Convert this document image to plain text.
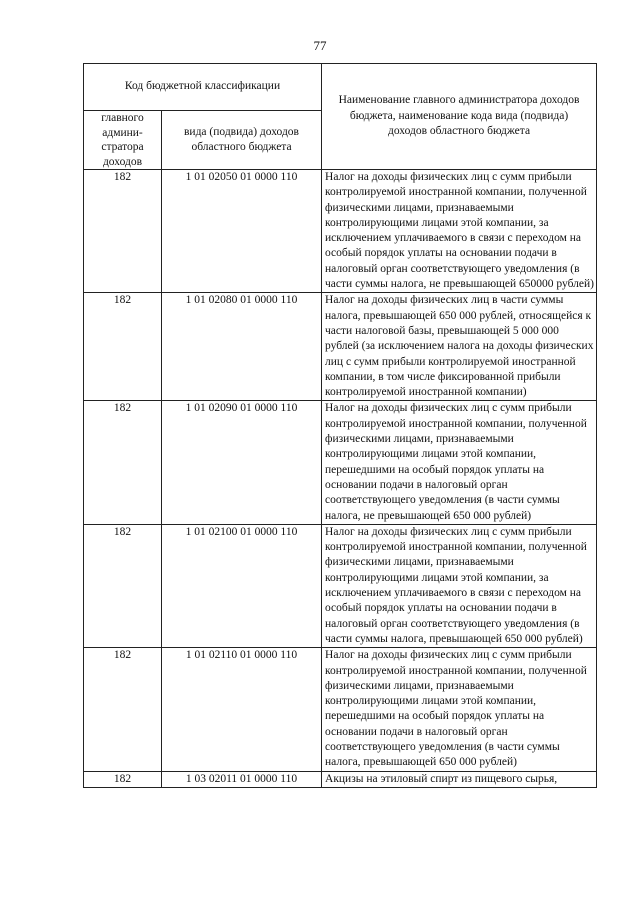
77
Код бюджетной классификации		Наименование главного администратора доходов бюджета, наименование кода вида (подвида) доходов областного бюджета
главного админи-стратора доходов	вида (подвида) доходов областного бюджета	
182	1 01 02050 01 0000 110	Налог на доходы физических лиц с сумм прибыли контролируемой иностранной компании, полученной физическими лицами, признаваемыми контролирующими лицами этой компании, за исключением уплачиваемого в связи с переходом на особый порядок уплаты на основании подачи в налоговый орган соответствующего уведомления (в части суммы налога, не превышающей 650000 рублей)
182	1 01 02080 01 0000 110	Налог на доходы физических лиц в части суммы налога, превышающей 650 000 рублей, относящейся к части налоговой базы, превышающей 5 000 000 рублей (за исключением налога на доходы физических лиц с сумм прибыли контролируемой иностранной компании, в том числе фиксированной прибыли контролируемой иностранной компании)
182	1 01 02090 01 0000 110	Налог на доходы физических лиц с сумм прибыли контролируемой иностранной компании, полученной физическими лицами, признаваемыми контролирующими лицами этой компании, перешедшими на особый порядок уплаты на основании подачи в налоговый орган соответствующего уведомления (в части суммы налога, не превышающей 650 000 рублей)
182	1 01 02100 01 0000 110	Налог на доходы физических лиц с сумм прибыли контролируемой иностранной компании, полученной физическими лицами, признаваемыми контролирующими лицами этой компании, за исключением уплачиваемого в связи с переходом на особый порядок уплаты на основании подачи в налоговый орган соответствующего уведомления (в части суммы налога, превышающей 650 000 рублей)
182	1 01 02110 01 0000 110	Налог на доходы физических лиц с сумм прибыли контролируемой иностранной компании, полученной физическими лицами, признаваемыми контролирующими лицами этой компании, перешедшими на особый порядок уплаты на основании подачи в налоговый орган соответствующего уведомления (в части суммы налога, превышающей 650 000 рублей)
182	1 03 02011 01 0000 110	Акцизы на этиловый спирт из пищевого сырья,
